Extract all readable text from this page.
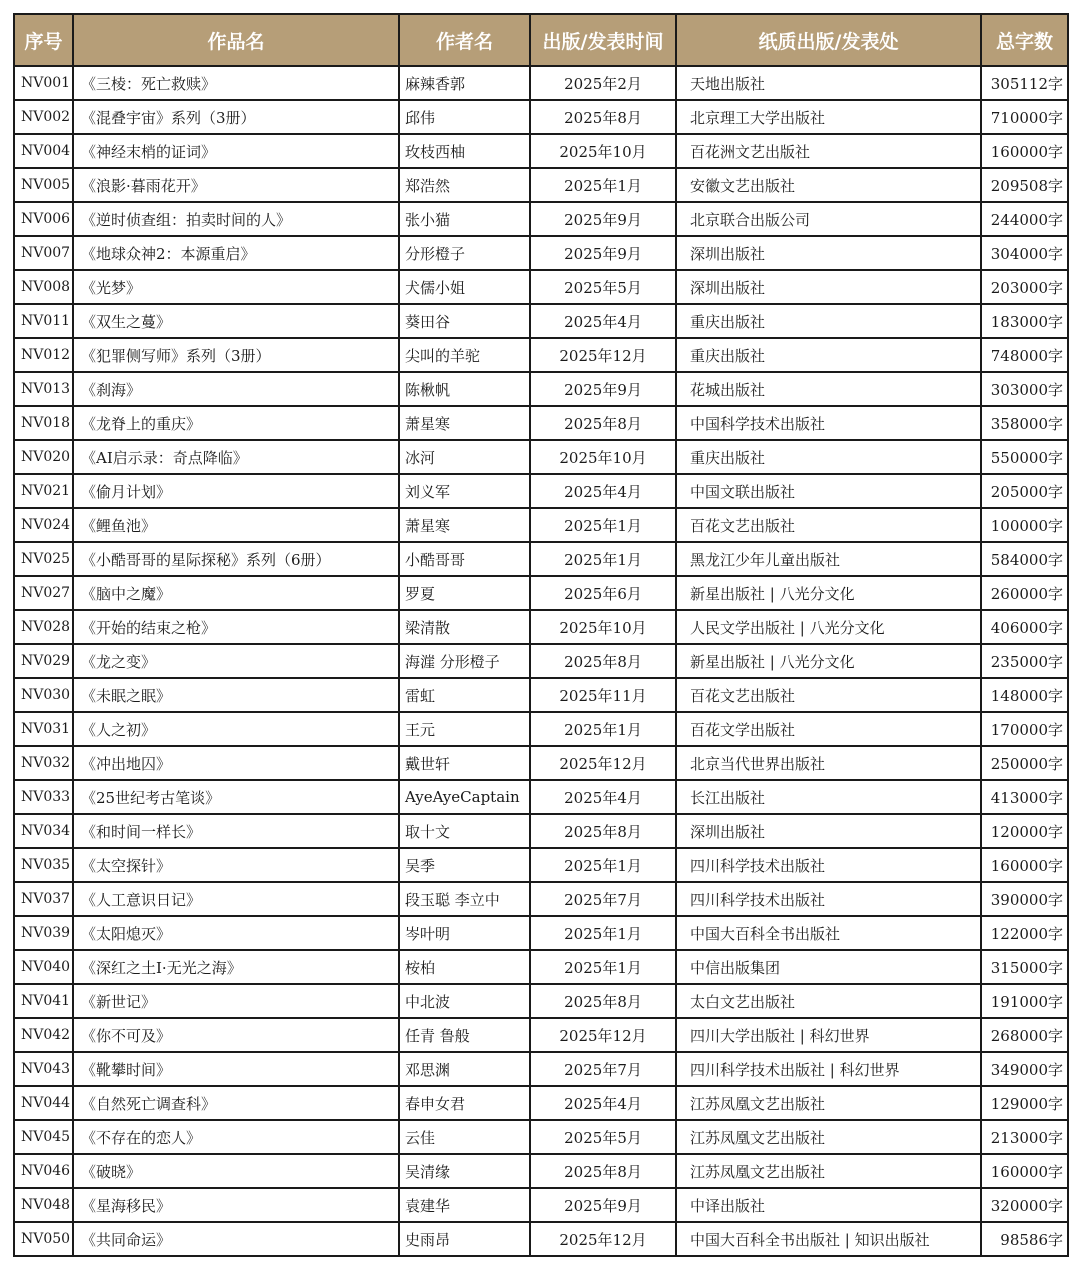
序号	作品名	作者名	出版/发表时间	纸质出版/发表处	总字数
NV001	《三棱：死亡救赎》	麻辣香郭	2025年2月	天地出版社	305112字
NV002	《混叠宇宙》系列（3册）	邱伟	2025年8月	北京理工大学出版社	710000字
NV004	《神经末梢的证词》	玫枝西柚	2025年10月	百花洲文艺出版社	160000字
NV005	《浪影·暮雨花开》	郑浩然	2025年1月	安徽文艺出版社	209508字
NV006	《逆时侦查组：拍卖时间的人》	张小猫	2025年9月	北京联合出版公司	244000字
NV007	《地球众神2：本源重启》	分形橙子	2025年9月	深圳出版社	304000字
NV008	《光梦》	犬儒小姐	2025年5月	深圳出版社	203000字
NV011	《双生之蔓》	葵田谷	2025年4月	重庆出版社	183000字
NV012	《犯罪侧写师》系列（3册）	尖叫的羊驼	2025年12月	重庆出版社	748000字
NV013	《刹海》	陈楸帆	2025年9月	花城出版社	303000字
NV018	《龙脊上的重庆》	萧星寒	2025年8月	中国科学技术出版社	358000字
NV020	《AI启示录：奇点降临》	冰河	2025年10月	重庆出版社	550000字
NV021	《偷月计划》	刘义军	2025年4月	中国文联出版社	205000字
NV024	《鲤鱼池》	萧星寒	2025年1月	百花文艺出版社	100000字
NV025	《小酷哥哥的星际探秘》系列（6册）	小酷哥哥	2025年1月	黑龙江少年儿童出版社	584000字
NV027	《脑中之魔》	罗夏	2025年6月	新星出版社 | 八光分文化	260000字
NV028	《开始的结束之枪》	梁清散	2025年10月	人民文学出版社 | 八光分文化	406000字
NV029	《龙之变》	海漄 分形橙子	2025年8月	新星出版社 | 八光分文化	235000字
NV030	《未眠之眠》	雷虹	2025年11月	百花文艺出版社	148000字
NV031	《人之初》	王元	2025年1月	百花文学出版社	170000字
NV032	《冲出地囚》	戴世轩	2025年12月	北京当代世界出版社	250000字
NV033	《25世纪考古笔谈》	AyeAyeCaptain	2025年4月	长江出版社	413000字
NV034	《和时间一样长》	取十文	2025年8月	深圳出版社	120000字
NV035	《太空探针》	吴季	2025年1月	四川科学技术出版社	160000字
NV037	《人工意识日记》	段玉聪 李立中	2025年7月	四川科学技术出版社	390000字
NV039	《太阳熄灭》	岑叶明	2025年1月	中国大百科全书出版社	122000字
NV040	《深红之土Ⅰ·无光之海》	桉柏	2025年1月	中信出版集团	315000字
NV041	《新世记》	中北波	2025年8月	太白文艺出版社	191000字
NV042	《你不可及》	任青 鲁般	2025年12月	四川大学出版社 | 科幻世界	268000字
NV043	《靴攀时间》	邓思渊	2025年7月	四川科学技术出版社 | 科幻世界	349000字
NV044	《自然死亡调查科》	春申女君	2025年4月	江苏凤凰文艺出版社	129000字
NV045	《不存在的恋人》	云佳	2025年5月	江苏凤凰文艺出版社	213000字
NV046	《破晓》	吴清缘	2025年8月	江苏凤凰文艺出版社	160000字
NV048	《星海移民》	袁建华	2025年9月	中译出版社	320000字
NV050	《共同命运》	史雨昂	2025年12月	中国大百科全书出版社 | 知识出版社	98586字
